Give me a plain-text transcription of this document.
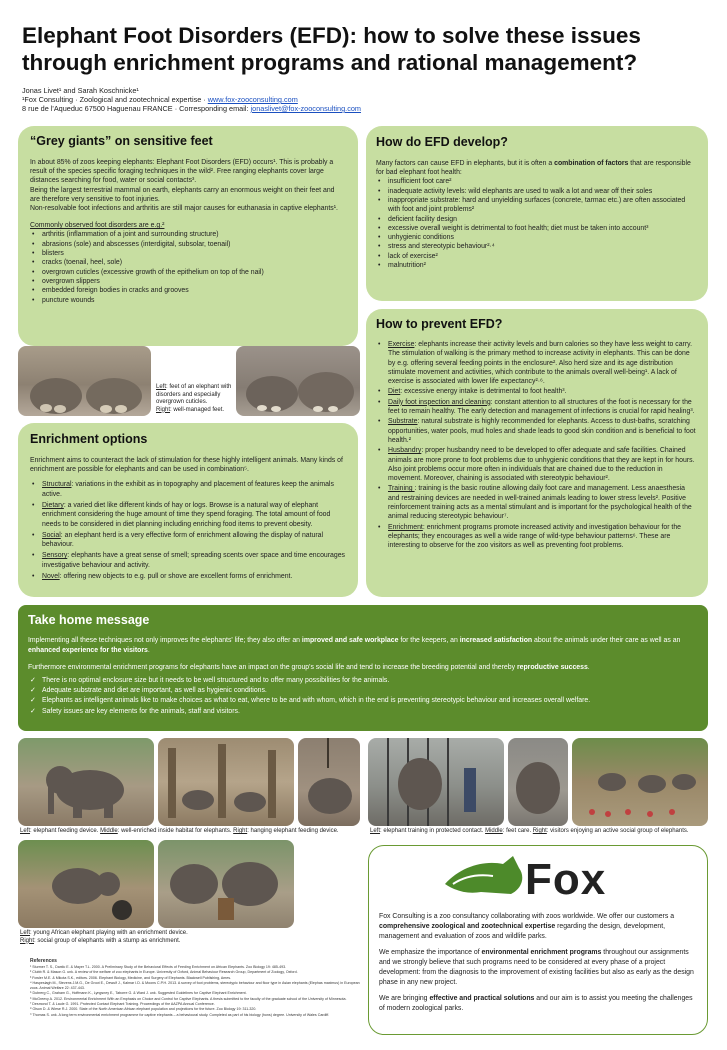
Elephant Foot Disorders (EFD): how to solve these issues through enrichment programs and rational management?
Jonas Livet¹ and Sarah Koschnicke¹
¹Fox Consulting · Zoological and zootechnical expertise · www.fox-zooconsulting.com
8 rue de l'Aqueduc 67500 Haguenau FRANCE · Corresponding email: jonaslivet@fox-zooconsulting.com
“Grey giants” on sensitive feet

In about 85% of zoos keeping elephants: Elephant Foot Disorders (EFD) occurs¹. This is probably a result of the species specific foraging techniques in the wild². Free ranging elephants cover large distances searching for food, water or social contacts³.

Being the largest terrestrial mammal on earth, elephants carry an enormous weight on their feet and are therefore very sensitive to foot injuries.

Non-resolvable foot infections and arthritis are still major causes for euthanasia in captive elephants¹.

Commonly observed foot disorders are e.g.²

• arthritis (inflammation of a joint and surrounding structure)
• abrasions (sole) and abscesses (interdigital, subsolar, toenail)
• blisters
• cracks (toenail, heel, sole)
• overgrown cuticles (excessive growth of the epithelium on top of the nail)
• overgrown slippers
• embedded foreign bodies in cracks and grooves
• puncture wounds
Left: feet of an elephant with disorders and especially overgrown cuticles.
Right: well-managed feet.
Enrichment options

Enrichment aims to counteract the lack of stimulation for these highly intelligent animals. Many kinds of enrichment are possible for elephants and can be used in combination⁵.

• Structural: variations in the exhibit as in topography and placement of features keep the animals active.
• Dietary: a varied diet like different kinds of hay or logs. Browse is a natural way of elephant enrichment considering the huge amount of time they spend foraging. The total amount of food needs to be considered in diet planning including enriching food items to prevent obesity.
• Social: an elephant herd is a very effective form of enrichment allowing the display of natural behaviour.
• Sensory: elephants have a great sense of smell; spreading scents over space and time encourages investigative behaviour and activity.
• Novel: offering new objects to e.g. pull or shove are excellent forms of enrichment.
How do EFD develop?

Many factors can cause EFD in elephants, but it is often a combination of factors that are responsible for bad elephant foot health:

• insufficient foot care²
• inadequate activity levels: wild elephants are used to walk a lot and wear off their soles
• inappropriate substrate: hard and unyielding surfaces (concrete, tarmac etc.) are often associated with foot and joint problems²
• deficient facility design
• excessive overall weight is detrimental to foot health; diet must be taken into account³
• unhygienic conditions
• stress and stereotypic behaviour²·⁴
• lack of exercise²
• malnutrition²
How to prevent EFD?
• Exercise: elephants increase their activity levels and burn calories so they have less weight to carry. The stimulation of walking is the primary method to increase activity in elephants. This can be done by e.g. offering several feeding points in the enclosure². Also herd size and its age distribution stimulate movement and activities, which contribute to the animals overall well-being¹. A lack of exercise is associated with lower life expectancy²·⁶.
• Diet: excessive energy intake is detrimental to foot health³.
• Daily foot inspection and cleaning: constant attention to all structures of the foot is necessary for the feet to remain healthy. The early detection and management of infections is crucial for rapid healing³.
• Substrate: natural substrate is highly recommended for elephants. Access to dust-baths, scratching opportunities, water pools, mud holes and shade leads to good skin condition and is beneficial to foot health.²
• Husbandry: proper husbandry need to be developed to offer adequate and safe facilities. Chained animals are more prone to foot problems due to unhygienic conditions that they are kept in for hours. Also joint problems occur more often in individuals that are chained due to the reduction in movement. Moreover, chaining is associated with stereotypic behaviour².
• Training : training is the basic routine allowing daily foot care and management. Less anaesthesia and restraining devices are needed in well-trained animals leading to lower stress levels². Positive reinforcement training acts as a mental stimulant and is important for the psychological health of the animal reducing stereotypic behaviour⁷.
• Enrichment: enrichment programs promote increased activity and investigation behaviour for the elephants; they encourages as well a wide range of wild-type behaviour patterns⁶. These are interesting to observe for the zoo visitors as well as preventing foot problems.
Take home message

Implementing all these techniques not only improves the elephants' life; they also offer an improved and safe workplace for the keepers, an increased satisfaction about the animals under their care as well as an enhanced experience for the visitors.

Furthermore environmental enrichment programs for elephants have an impact on the group's social life and tend to increase the breeding potential and thereby reproductive success.

✓ There is no optimal enclosure size but it needs to be well structured and to offer many possibilities for the animals.
✓ Adequate substrate and diet are important, as well as hygienic conditions.
✓ Elephants as intelligent animals like to make choices as what to eat, where to be and with whom, which in the end is preventing stereotypic behaviour and increases overall welfare.
✓ Safety issues are key elements for the animals, staff and visitors.
Left: elephant feeding device. Middle: well-enriched inside habitat for elephants. Right: hanging elephant feeding device.	Left: elephant training in protected contact. Middle: feet care. Right: visitors enjoying an active social group of elephants.
Left: young African elephant playing with an enrichment device.
Right: social group of elephants with a stump as enrichment.
References
¹ Sturmer T. S., Dantic E. & Mayer T.L. 2000. A Preliminary Study of the Behavioral Effects of Feeding Enrichment on African Elephants. Zoo Biology 19: 485-493.
² Clubb R. & Mason G. unk. A review of the welfare of zoo elephants in Europe. University of Oxford, Animal Behaviour Research Group, Department of Zoology, Oxford.
³ Fowler M.E. & Mikota S.K., editors. 2006. Elephant Biology, Medicine, and Surgery of Elephants. Blackwell Publishing, Ames.
⁴ Haspeslagh M., Stevens J.M.G., De Groot E., Dewulf J., Kalmar I.D. & Moons C.P.H. 2013. A survey of foot problems, stereotypic behaviour and floor type in Asian elephants (Elephas maximus) in European zoos. Animal Welfare 22: 437-443.
⁵ Dubrerg C., Graham G., Hoffmann K., Lyngsney E., Taborre G. & Ward J. unk. Suggested Guidelines for Captive Elephant Enrichment.
⁶ McGreevy A. 2012. Environmental Enrichment With an Emphasis on Choice and Control for Captive Elephants. A thesis submitted to the faculty of the graduate school of the University of Minnesota.
⁷ Desmond T. & Laule G. 1991. Protected Contact Elephant Training. Proceedings of the AAZPA Annual Conference.
⁸ Olson D. & Wiese R.J. 2000. State of the North American African elephant population and projections for the future. Zoo Biology 19: 311-320.
⁹ Thomas S. unk. A long term environmental enrichment programme for captive elephants – a behavioural study. Completed as part of his biology (hons) degree. University of Wales Cardiff.
Fox

Fox Consulting is a zoo consultancy collaborating with zoos worldwide. We offer our customers a comprehensive zoological and zootechnical expertise regarding the design, development, management and evaluation of zoos and wildlife parks.

We emphasize the importance of environmental enrichment programs throughout our assignments and we strongly believe that such programs need to be considered at every phase of a project development: from the diagnosis to the improvement of existing facilities but also as early as the design phase in any new project.

We are bringing effective and practical solutions and our aim is to assist you meeting the challenges of modern zoological parks.
